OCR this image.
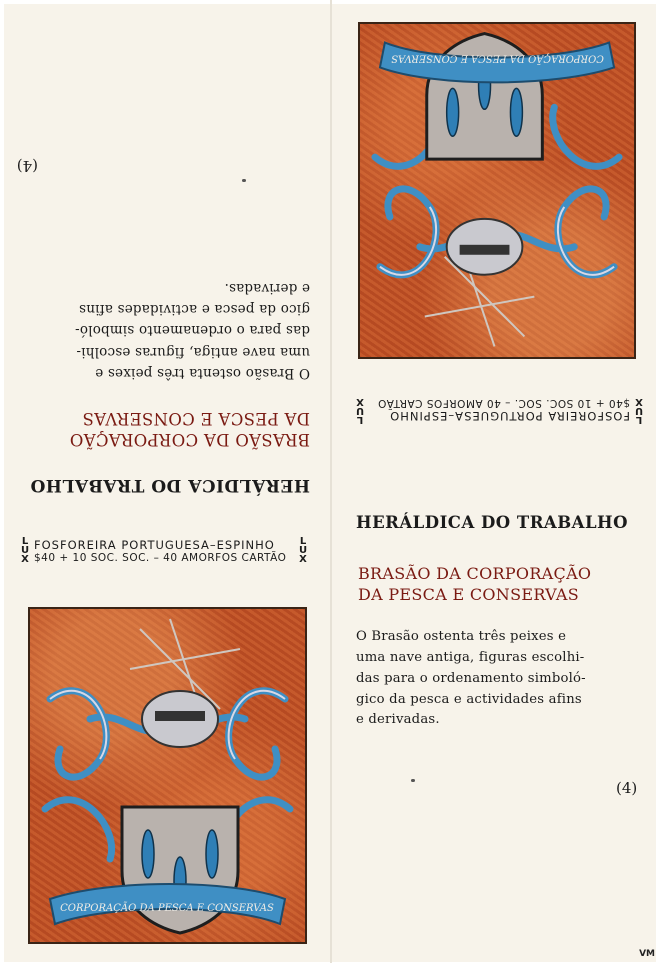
HERÁLDICA DO TRABALHO
BRASÃO DA CORPORAÇÃO
DA PESCA E CONSERVAS
O Brasão ostenta três peixes e
uma nave antiga, figuras escolhi-
das para o ordenamento simboló-
gico da pesca e actividades afins
e derivadas.
(4)
L
U
X
FOSFOREIRA PORTUGUESA–ESPINHO
$40 + 10 SOC. SOC. – 40 AMORFOS CARTÃO
L
U
X
CORPORAÇÃO DA PESCA E CONSERVAS
CORPORAÇÃO DA PESCA E CONSERVAS
L
U
X
FOSFOREIRA PORTUGUESA–ESPINHO
$40 + 10 SOC. SOC. – 40 AMORFOS CARTÃO
L
U
X
HERÁLDICA DO TRABALHO
BRASÃO DA CORPORAÇÃO
DA PESCA E CONSERVAS
O Brasão ostenta três peixes e
uma nave antiga, figuras escolhi-
das para o ordenamento simboló-
gico da pesca e actividades afins
e derivadas.
(4)
VM
